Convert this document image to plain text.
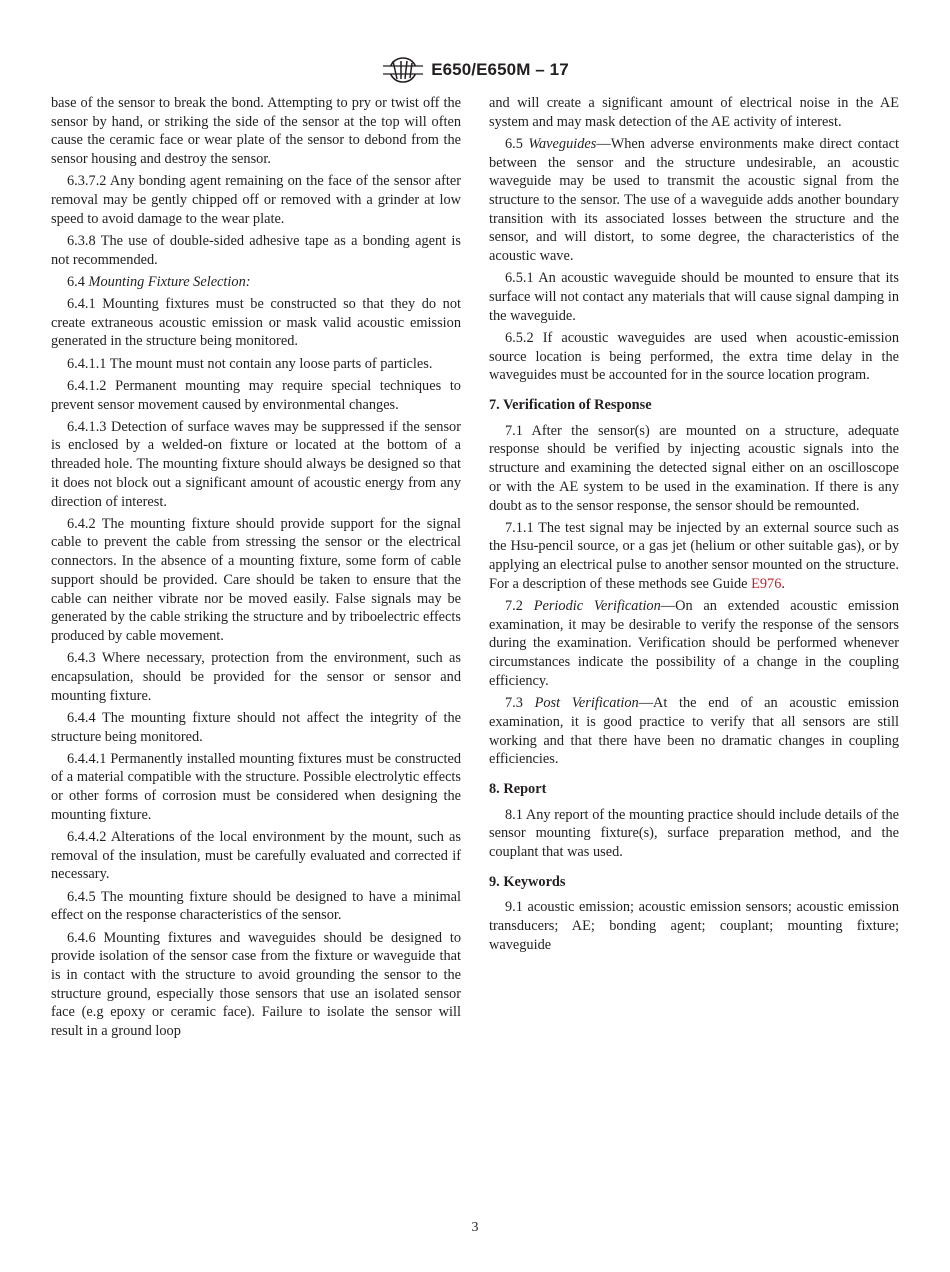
E650/E650M – 17

base of the sensor to break the bond. Attempting to pry or twist off the sensor by hand, or striking the side of the sensor at the top will often cause the ceramic face or wear plate of the sensor to debond from the sensor housing and destroy the sensor.

6.3.7.2 Any bonding agent remaining on the face of the sensor after removal may be gently chipped off or removed with a grinder at low speed to avoid damage to the wear plate.

6.3.8 The use of double-sided adhesive tape as a bonding agent is not recommended.

6.4 Mounting Fixture Selection:

6.4.1 Mounting fixtures must be constructed so that they do not create extraneous acoustic emission or mask valid acoustic emission generated in the structure being monitored.

6.4.1.1 The mount must not contain any loose parts of particles.

6.4.1.2 Permanent mounting may require special techniques to prevent sensor movement caused by environmental changes.

6.4.1.3 Detection of surface waves may be suppressed if the sensor is enclosed by a welded-on fixture or located at the bottom of a threaded hole. The mounting fixture should always be designed so that it does not block out a significant amount of acoustic energy from any direction of interest.

6.4.2 The mounting fixture should provide support for the signal cable to prevent the cable from stressing the sensor or the electrical connectors. In the absence of a mounting fixture, some form of cable support should be provided. Care should be taken to ensure that the cable can neither vibrate nor be moved easily. False signals may be generated by the cable striking the structure and by triboelectric effects produced by cable movement.

6.4.3 Where necessary, protection from the environment, such as encapsulation, should be provided for the sensor or sensor and mounting fixture.

6.4.4 The mounting fixture should not affect the integrity of the structure being monitored.

6.4.4.1 Permanently installed mounting fixtures must be constructed of a material compatible with the structure. Possible electrolytic effects or other forms of corrosion must be considered when designing the mounting fixture.

6.4.4.2 Alterations of the local environment by the mount, such as removal of the insulation, must be carefully evaluated and corrected if necessary.

6.4.5 The mounting fixture should be designed to have a minimal effect on the response characteristics of the sensor.

6.4.6 Mounting fixtures and waveguides should be designed to provide isolation of the sensor case from the fixture or waveguide that is in contact with the structure to avoid grounding the sensor to the structure ground, especially those sensors that use an isolated sensor face (e.g epoxy or ceramic face). Failure to isolate the sensor will result in a ground loop

and will create a significant amount of electrical noise in the AE system and may mask detection of the AE activity of interest.

6.5 Waveguides—When adverse environments make direct contact between the sensor and the structure undesirable, an acoustic waveguide may be used to transmit the acoustic signal from the structure to the sensor. The use of a waveguide adds another boundary transition with its associated losses between the structure and the sensor, and will distort, to some degree, the characteristics of the acoustic wave.

6.5.1 An acoustic waveguide should be mounted to ensure that its surface will not contact any materials that will cause signal damping in the waveguide.

6.5.2 If acoustic waveguides are used when acoustic-emission source location is being performed, the extra time delay in the waveguides must be accounted for in the source location program.

7. Verification of Response

7.1 After the sensor(s) are mounted on a structure, adequate response should be verified by injecting acoustic signals into the structure and examining the detected signal either on an oscilloscope or with the AE system to be used in the examination. If there is any doubt as to the sensor response, the sensor should be remounted.

7.1.1 The test signal may be injected by an external source such as the Hsu-pencil source, or a gas jet (helium or other suitable gas), or by applying an electrical pulse to another sensor mounted on the structure. For a description of these methods see Guide E976.

7.2 Periodic Verification—On an extended acoustic emission examination, it may be desirable to verify the response of the sensors during the examination. Verification should be performed whenever circumstances indicate the possibility of a change in the coupling efficiency.

7.3 Post Verification—At the end of an acoustic emission examination, it is good practice to verify that all sensors are still working and that there have been no dramatic changes in coupling efficiencies.

8. Report

8.1 Any report of the mounting practice should include details of the sensor mounting fixture(s), surface preparation method, and the couplant that was used.

9. Keywords

9.1 acoustic emission; acoustic emission sensors; acoustic emission transducers; AE; bonding agent; couplant; mounting fixture; waveguide

3
